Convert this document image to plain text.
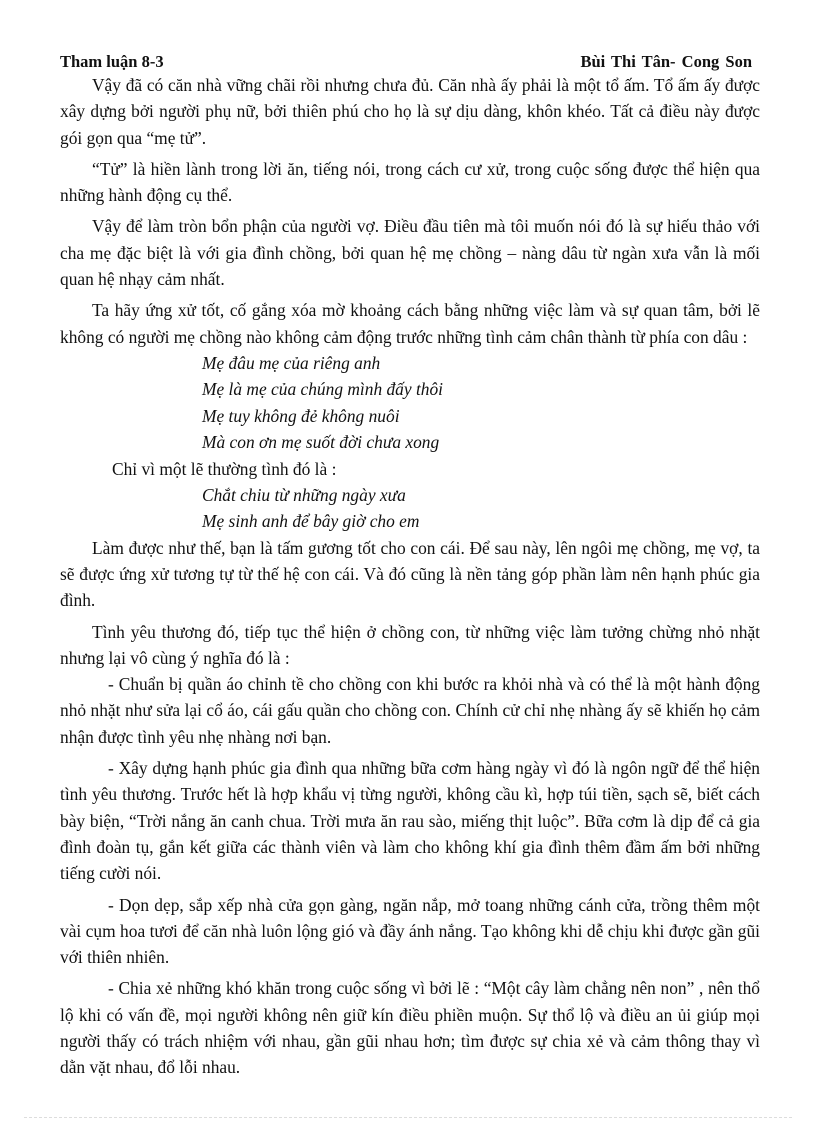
Tham luận 8-3	Bùi Thi Tân- Cong Son

Vậy đã có căn nhà vững chãi rồi nhưng chưa đủ. Căn nhà ấy phải là một tổ ấm. Tổ ấm ấy được xây dựng bởi người phụ nữ, bởi thiên phú cho họ là sự dịu dàng, khôn khéo. Tất cả điều này được gói gọn qua “mẹ tử”.

“Tử” là hiền lành trong lời ăn, tiếng nói, trong cách cư xử, trong cuộc sống được thể hiện qua những hành động cụ thể.

Vậy để làm tròn bổn phận của người vợ. Điều đầu tiên mà tôi muốn nói đó là sự hiếu thảo với cha mẹ đặc biệt là với gia đình chồng, bởi quan hệ mẹ chồng – nàng dâu từ ngàn xưa vẫn là mối quan hệ nhạy cảm nhất.

Ta hãy ứng xử tốt, cố gắng xóa mờ khoảng cách bằng những việc làm và sự quan tâm, bởi lẽ không có người mẹ chồng nào không cảm động trước những tình cảm chân thành từ phía con dâu :

Mẹ đâu mẹ của riêng anh
Mẹ là mẹ của chúng mình đấy thôi
Mẹ tuy không đẻ không nuôi
Mà con ơn mẹ suốt đời chưa xong

Chỉ vì một lẽ thường tình đó là :

Chắt chiu từ những ngày xưa
Mẹ sinh anh để bây giờ cho em

Làm được như thế, bạn là tấm gương tốt cho con cái. Để sau này, lên ngôi mẹ chồng, mẹ vợ, ta sẽ được ứng xử tương tự từ thế hệ con cái. Và đó cũng là nền tảng góp phần làm nên hạnh phúc gia đình.

Tình yêu thương đó, tiếp tục thể hiện ở chồng con, từ những việc làm tưởng chừng nhỏ nhặt nhưng lại vô cùng ý nghĩa đó là :

- Chuẩn bị quần áo chỉnh tề cho chồng con khi bước ra khỏi nhà và có thể là một hành động nhỏ nhặt như sửa lại cổ áo, cái gấu quần cho chồng con. Chính cử chỉ nhẹ nhàng ấy sẽ khiến họ cảm nhận được tình yêu nhẹ nhàng nơi bạn.

- Xây dựng hạnh phúc gia đình qua những bữa cơm hàng ngày vì đó là ngôn ngữ để thể hiện tình yêu thương. Trước hết là hợp khẩu vị từng người, không cầu kì, hợp túi tiền, sạch sẽ, biết cách bày biện, “Trời nắng ăn canh chua. Trời mưa ăn rau sào, miếng thịt luộc”. Bữa cơm là dịp để cả gia đình đoàn tụ, gắn kết giữa các thành viên và làm cho không khí gia đình thêm đầm ấm bởi những tiếng cười nói.

- Dọn dẹp, sắp xếp nhà cửa gọn gàng, ngăn nắp, mở toang những cánh cửa, trồng thêm một vài cụm hoa tươi để căn nhà luôn lộng gió và đầy ánh nắng. Tạo không khi dễ chịu khi được gần gũi với thiên nhiên.

- Chia xẻ những khó khăn trong cuộc sống vì bởi lẽ : “Một cây làm chẳng nên non” , nên thổ lộ khi có vấn đề, mọi người không nên giữ kín điều phiền muộn. Sự thổ lộ và điều an ủi giúp mọi người thấy có trách nhiệm với nhau, gần gũi nhau hơn; tìm được sự chia xẻ và cảm thông thay vì dằn vặt nhau, đổ lỗi nhau.
